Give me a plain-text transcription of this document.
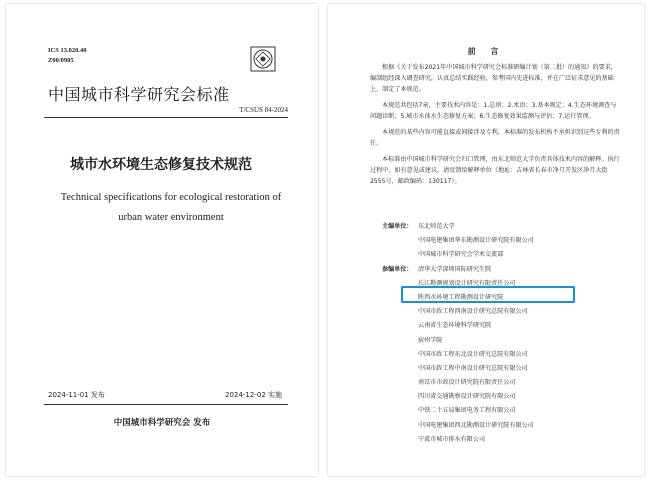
ICS 13.020.40
Z00/0905
中国城市科学研究会标准
T/CSUS 84-2024
城市水环境生态修复技术规范
Technical specifications for ecological restoration of urban water environment
2024-11-01 发布	2024-12-02 实施
中国城市科学研究会 发布
前 言

根据《关于发布2021年中国城市科学研究会标准研编计划（第二批）的通知》的要求，编制组经深入调查研究，认真总结实践经验，参考国内先进标准，并在广泛征求意见的基础上，制定了本规范。

本规范共包括7章，主要技术内容是：1.总则；2.术语；3.基本规定；4.生态环境调查与问题诊断；5.城市水体水生态修复方案；6.生态修复效果监测与评估；7.运行管理。

本规范的某些内容可能直接或间接涉及专利，本标准的发布机构不承担识别这些专利的责任。

本标准由中国城市科学研究会归口管理，由东北师范大学负责具体技术内容的解释。执行过程中，如有意见或建议，请反馈给解释单位（地址：吉林省长春市净月开发区净月大街2555号，邮政编码：130117）。

主编单位： 东北师范大学
中国电建集团华东勘测设计研究院有限公司
中国城市科学研究会学术交流部
参编单位： 清华大学深圳国际研究生院
长江勘测规划设计研究有限责任公司
陕西水环境工程勘测设计研究院
中国市政工程西南设计研究总院有限公司
云南省生态环境科学研究院
宿州学院
中国市政工程东北设计研究总院有限公司
中国市政工程中南设计研究总院有限公司
南京市市政设计研究院有限责任公司
四川省交通勘察设计研究院有限公司
中铁二十五局集团电务工程有限公司
中国电建集团西北勘测设计研究院有限公司
宁波市城市排水有限公司
